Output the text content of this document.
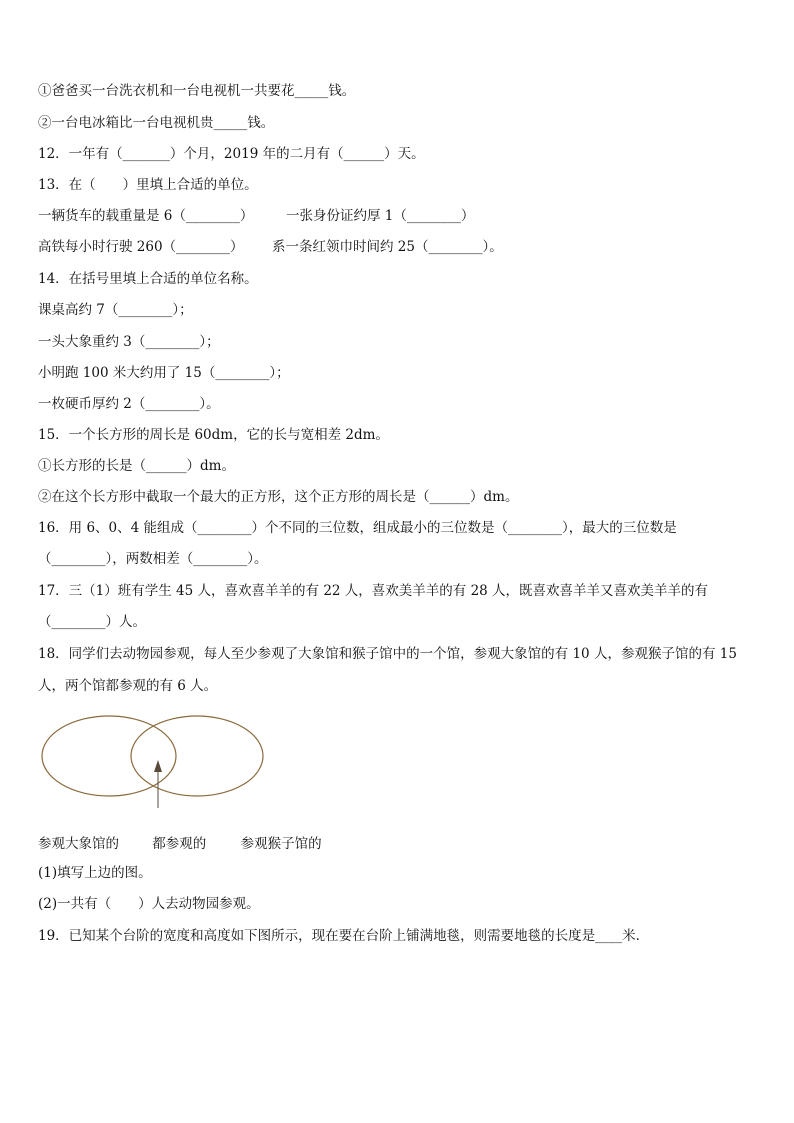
①爸爸买一台洗衣机和一台电视机一共要花_____钱。
②一台电冰箱比一台电视机贵_____钱。
12．一年有（_______）个月，2019 年的二月有（______）天。
13．在（　　）里填上合适的单位。
一辆货车的载重量是 6（________） 一张身份证约厚 1（________）
高铁每小时行驶 260（________） 系一条红领巾时间约 25（________）。
14．在括号里填上合适的单位名称。
课桌高约 7（________）；
一头大象重约 3（________）；
小明跑 100 米大约用了 15（________）；
一枚硬币厚约 2（________）。
15．一个长方形的周长是 60dm，它的长与宽相差 2dm。
①长方形的长是（______）dm。
②在这个长方形中截取一个最大的正方形，这个正方形的周长是（______）dm。
16．用 6、0、4 能组成（________）个不同的三位数，组成最小的三位数是（________），最大的三位数是
（________），两数相差（________）。
17．三（1）班有学生 45 人，喜欢喜羊羊的有 22 人，喜欢美羊羊的有 28 人，既喜欢喜羊羊又喜欢美羊羊的有
（________）人。
18．同学们去动物园参观，每人至少参观了大象馆和猴子馆中的一个馆，参观大象馆的有 10 人，参观猴子馆的有 15
人，两个馆都参观的有 6 人。
参观大象馆的 都参观的	参观猴子馆的
(1)填写上边的图。
(2)一共有（　　）人去动物园参观。
19．已知某个台阶的宽度和高度如下图所示，现在要在台阶上铺满地毯，则需要地毯的长度是____米．
